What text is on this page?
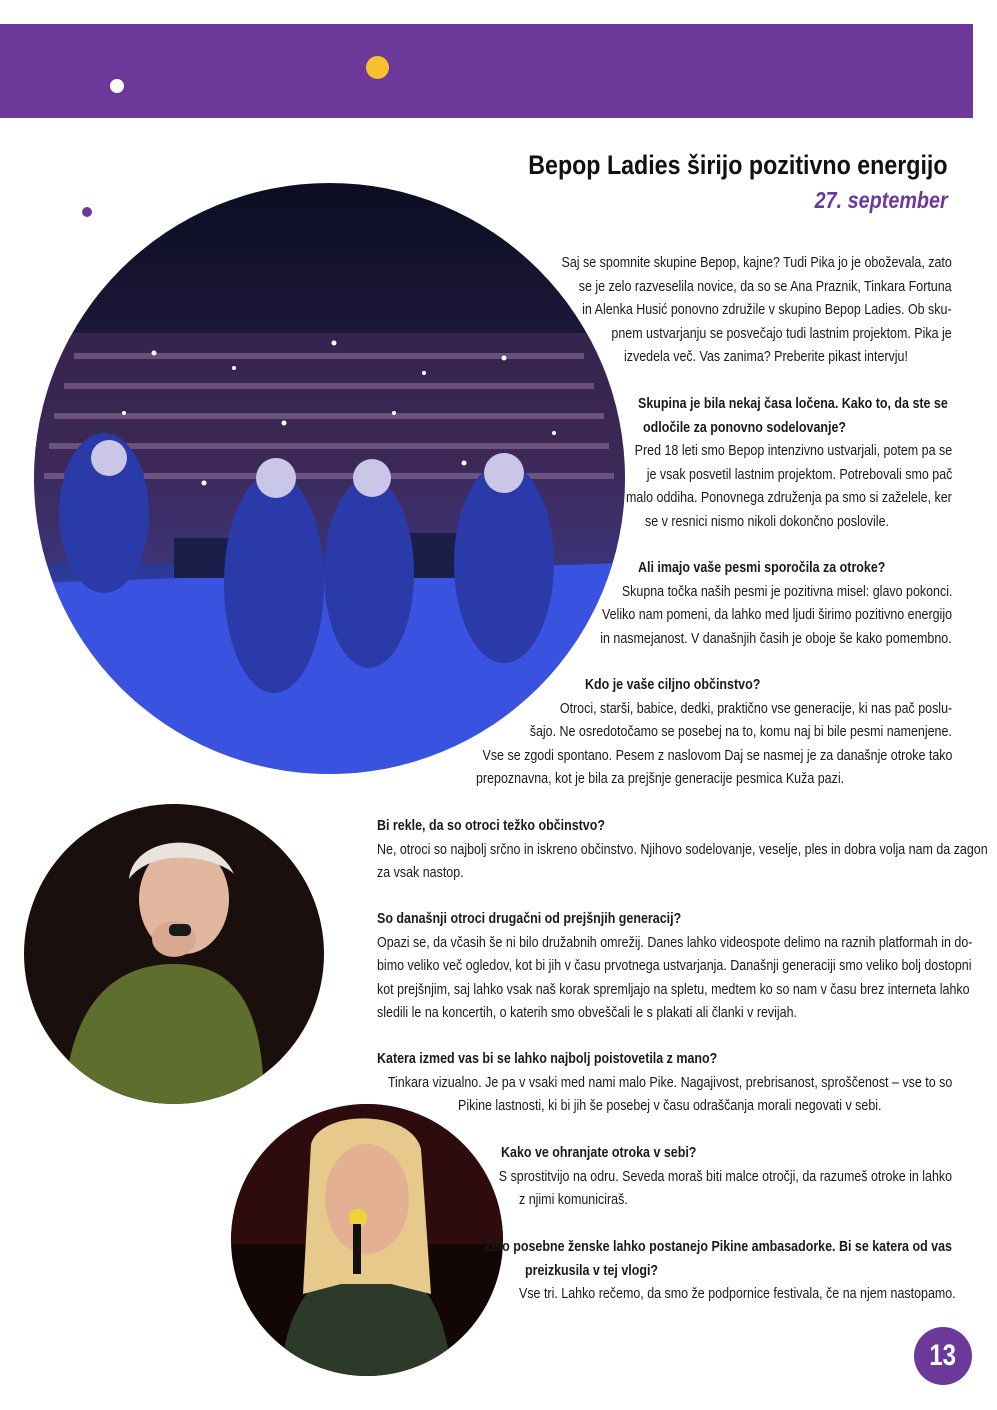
Bepop Ladies širijo pozitivno energijo
27. september
Saj se spomnite skupine Bepop, kajne? Tudi Pika jo je oboževala, zato
se je zelo razveselila novice, da so se Ana Praznik, Tinkara Fortuna
in Alenka Husić ponovno združile v skupino Bepop Ladies. Ob sku-
pnem ustvarjanju se posvečajo tudi lastnim projektom. Pika je
izvedela več. Vas zanima? Preberite pikast intervju!
Skupina je bila nekaj časa ločena. Kako to, da ste se
odločile za ponovno sodelovanje?
Pred 18 leti smo Bepop intenzivno ustvarjali, potem pa se
je vsak posvetil lastnim projektom. Potrebovali smo pač
malo oddiha. Ponovnega združenja pa smo si zaželele, ker
se v resnici nismo nikoli dokončno poslovile.
Ali imajo vaše pesmi sporočila za otroke?
Skupna točka naših pesmi je pozitivna misel: glavo pokonci.
Veliko nam pomeni, da lahko med ljudi širimo pozitivno energijo
in nasmejanost. V današnjih časih je oboje še kako pomembno.
Kdo je vaše ciljno občinstvo?
Otroci, starši, babice, dedki, praktično vse generacije, ki nas pač poslu-
šajo. Ne osredotočamo se posebej na to, komu naj bi bile pesmi namenjene.
Vse se zgodi spontano. Pesem z naslovom Daj se nasmej je za današnje otroke tako
prepoznavna, kot je bila za prejšnje generacije pesmica Kuža pazi.
Bi rekle, da so otroci težko občinstvo?
Ne, otroci so najbolj srčno in iskreno občinstvo. Njihovo sodelovanje, veselje, ples in dobra volja nam da zagon
za vsak nastop.
So današnji otroci drugačni od prejšnjih generacij?
Opazi se, da včasih še ni bilo družabnih omrežij. Danes lahko videospote delimo na raznih platformah in do-
bimo veliko več ogledov, kot bi jih v času prvotnega ustvarjanja. Današnji generaciji smo veliko bolj dostopni
kot prejšnjim, saj lahko vsak naš korak spremljajo na spletu, medtem ko so nam v času brez interneta lahko
sledili le na koncertih, o katerih smo obveščali le s plakati ali članki v revijah.
Katera izmed vas bi se lahko najbolj poistovetila z mano?
Tinkara vizualno. Je pa v vsaki med nami malo Pike. Nagajivost, prebrisanost, sproščenost – vse to so
Pikine lastnosti, ki bi jih še posebej v času odraščanja morali negovati v sebi.
Kako ve ohranjate otroka v sebi?
S sprostitvijo na odru. Seveda moraš biti malce otročji, da razumeš otroke in lahko
z njimi komuniciraš.
Zelo posebne ženske lahko postanejo Pikine ambasadorke. Bi se katera od vas
preizkusila v tej vlogi?
Vse tri. Lahko rečemo, da smo že podpornice festivala, če na njem nastopamo.
13
